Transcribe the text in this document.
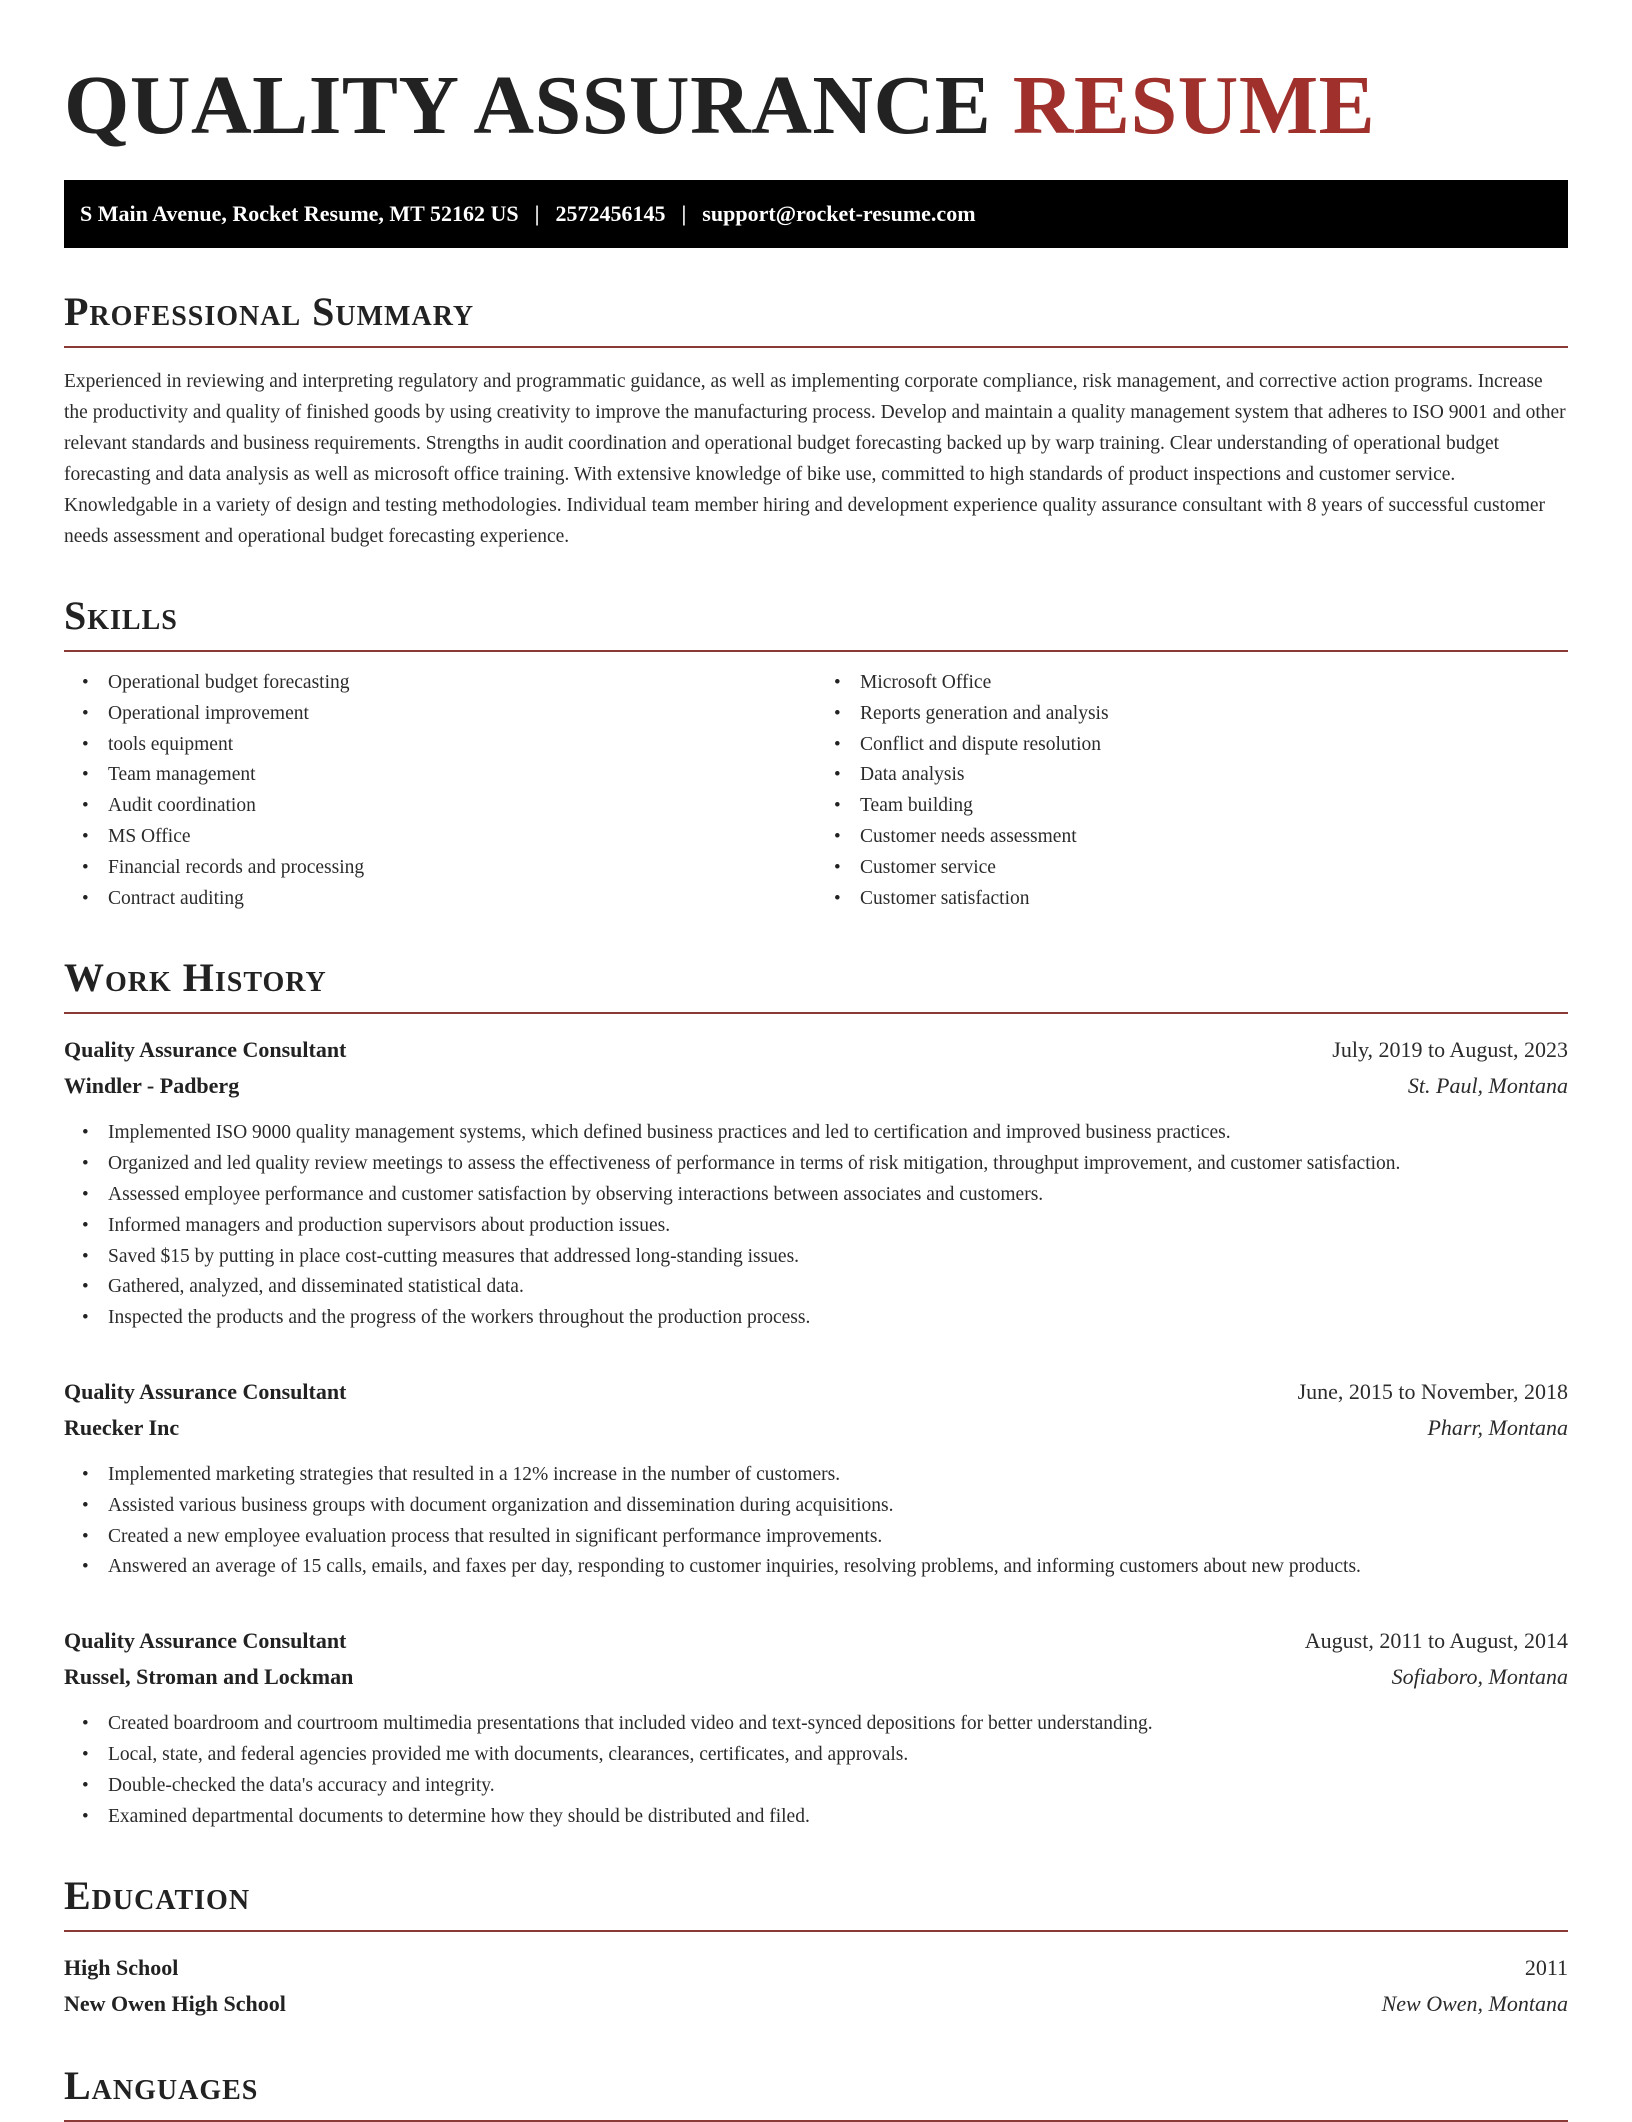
QUALITY ASSURANCE RESUME
S Main Avenue, Rocket Resume, MT 52162 US | 2572456145 | support@rocket-resume.com
Professional Summary
Experienced in reviewing and interpreting regulatory and programmatic guidance, as well as implementing corporate compliance, risk management, and corrective action programs. Increase the productivity and quality of finished goods by using creativity to improve the manufacturing process. Develop and maintain a quality management system that adheres to ISO 9001 and other relevant standards and business requirements. Strengths in audit coordination and operational budget forecasting backed up by warp training. Clear understanding of operational budget forecasting and data analysis as well as microsoft office training. With extensive knowledge of bike use, committed to high standards of product inspections and customer service. Knowledgable in a variety of design and testing methodologies. Individual team member hiring and development experience quality assurance consultant with 8 years of successful customer needs assessment and operational budget forecasting experience.
Skills
• Operational budget forecasting
• Operational improvement
• tools equipment
• Team management
• Audit coordination
• MS Office
• Financial records and processing
• Contract auditing
• Microsoft Office
• Reports generation and analysis
• Conflict and dispute resolution
• Data analysis
• Team building
• Customer needs assessment
• Customer service
• Customer satisfaction
Work History
Quality Assurance Consultant	July, 2019 to August, 2023
Windler - Padberg	St. Paul, Montana
• Implemented ISO 9000 quality management systems, which defined business practices and led to certification and improved business practices.
• Organized and led quality review meetings to assess the effectiveness of performance in terms of risk mitigation, throughput improvement, and customer satisfaction.
• Assessed employee performance and customer satisfaction by observing interactions between associates and customers.
• Informed managers and production supervisors about production issues.
• Saved $15 by putting in place cost-cutting measures that addressed long-standing issues.
• Gathered, analyzed, and disseminated statistical data.
• Inspected the products and the progress of the workers throughout the production process.
Quality Assurance Consultant	June, 2015 to November, 2018
Ruecker Inc	Pharr, Montana
• Implemented marketing strategies that resulted in a 12% increase in the number of customers.
• Assisted various business groups with document organization and dissemination during acquisitions.
• Created a new employee evaluation process that resulted in significant performance improvements.
• Answered an average of 15 calls, emails, and faxes per day, responding to customer inquiries, resolving problems, and informing customers about new products.
Quality Assurance Consultant	August, 2011 to August, 2014
Russel, Stroman and Lockman	Sofiaboro, Montana
• Created boardroom and courtroom multimedia presentations that included video and text-synced depositions for better understanding.
• Local, state, and federal agencies provided me with documents, clearances, certificates, and approvals.
• Double-checked the data's accuracy and integrity.
• Examined departmental documents to determine how they should be distributed and filed.
Education
High School	2011
New Owen High School	New Owen, Montana
Languages
